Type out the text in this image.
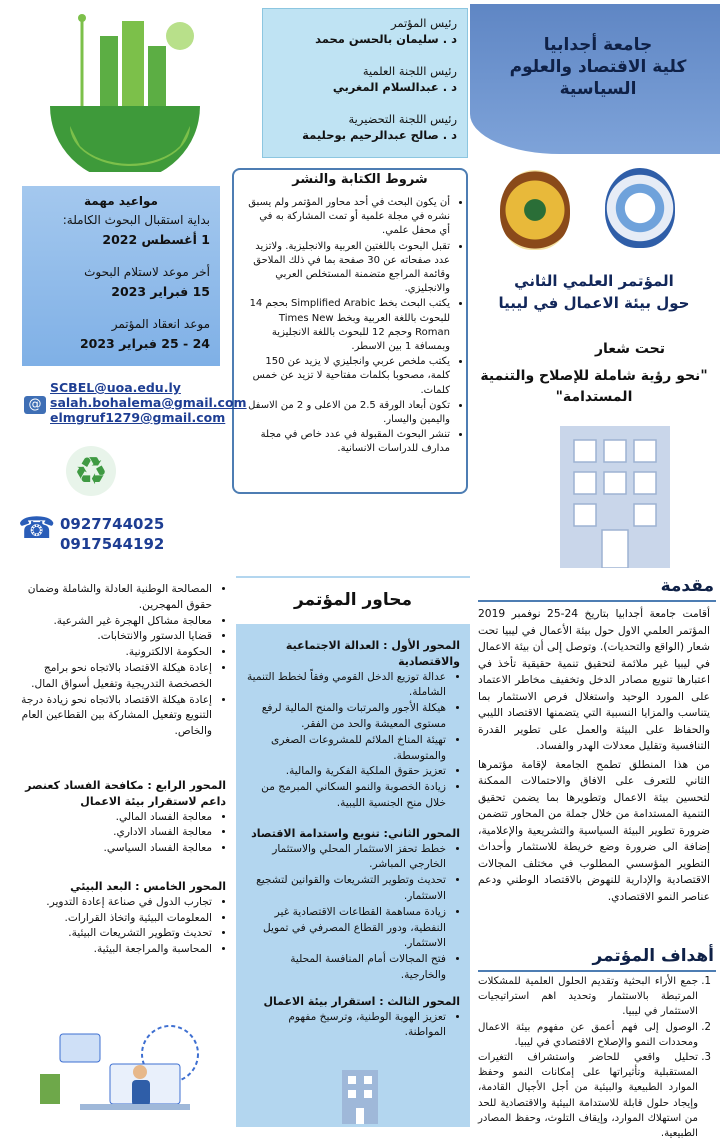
جامعة أجدابيا
كلية الاقتصاد والعلوم السياسية
المؤتمر العلمي الثاني
حول بيئة الاعمال في ليبيا
تحت شعار
"نحو رؤية شاملة للإصلاح والتنمية المستدامة"
رئيس المؤتمر
د . سليمان بالحسن محمد
رئيس اللجنة العلمية
د . عبدالسلام المغربي
رئيس اللجنة التحضيرية
د . صالح عبدالرحيم بوحليمة
شروط الكتابة والنشر
• أن يكون البحث في أحد محاور المؤتمر ولم يسبق نشره في مجلة علمية أو تمت المشاركة به في أي محفل علمي.
• تقبل البحوث باللغتين العربية والانجليزية. ولاتزيد عدد صفحاته عن 30 صفحة بما في ذلك الملاحق وقائمة المراجع متضمنة المستخلص العربي والانجليزي.
• يكتب البحث بخط Simplified Arabic بحجم 14 للبحوث باللغة العربية وبخط Times New Roman وحجم 12 للبحوث باللغة الانجليزية وبمسافة 1 بين الاسطر.
• يكتب ملخص عربي وانجليزي لا يزيد عن 150 كلمة، مصحوبا بكلمات مفتاحية لا تزيد عن خمس كلمات.
• تكون أبعاد الورقة 2.5 من الاعلى و 2 من الاسفل واليمين واليسار.
• تنشر البحوث المقبولة في عدد خاص في مجلة مدارف للدراسات الانسانية.
مواعيد مهمة
بداية استقبال البحوث الكاملة:
1 أغسطس 2022
أخر موعد لاستلام البحوث
15 فبراير 2023
موعد انعقاد المؤتمر
24 - 25 فبراير 2023
@
SCBEL@uoa.edu.ly
salah.bohalema@gmail.com
elmgruf1279@gmail.com
♻
☎ 0927744025
0917544192
مقدمة

أقامت جامعة أجدابيا بتاريخ 24-25 نوفمبر 2019 المؤتمر العلمي الاول حول بيئة الأعمال في ليبيا تحت شعار (الواقع والتحديات). وتوصل إلى أن بيئة الاعمال في ليبيا غير ملائمة لتحقيق تنمية حقيقية تأخذ في اعتبارها تنويع مصادر الدخل وتخفيف مخاطر الاعتماد على المورد الوحيد واستغلال فرص الاستثمار بما يتناسب والمزايا النسبية التي يتضمنها الاقتصاد الليبي والحفاظ على البيئة والعمل على تطوير القدرة التنافسية وتقليل معدلات الهدر والفساد.

من هذا المنطلق تطمح الجامعة لإقامة مؤتمرها الثاني للتعرف على الافاق والاحتمالات الممكنة لتحسين بيئة الاعمال وتطويرها بما يضمن تحقيق التنمية المستدامة من خلال جملة من المحاور تتضمن ضرورة تطوير البيئة السياسية والتشريعية والإعلامية، إضافة الى ضرورة وضع خريطة للاستثمار وأحداث التطوير المؤسسي المطلوب في مختلف المجالات الاقتصادية والإدارية للنهوض بالاقتصاد الوطني ودعم عناصر النمو الاقتصادي.

أهداف المؤتمر
1. جمع الأراء البحثية وتقديم الحلول العلمية للمشكلات المرتبطة بالاستثمار وتحديد اهم استراتيجيات الاستثمار في ليبيا.
2. الوصول إلى فهم أعمق عن مفهوم بيئة الاعمال ومحددات النمو والإصلاح الاقتصادي في ليبيا.
3. تحليل واقعي للحاضر واستشراف التغيرات المستقبلية وتأثيراتها على إمكانات النمو وحفظ الموارد الطبيعية والبيئية من أجل الأجيال القادمة، وإيجاد حلول قابلة للاستدامة البيئية والاقتصادية للحد من استهلاك الموارد، وإيقاف التلوث، وحفظ المصادر الطبيعية.
محاور المؤتمر
المحور الأول : العدالة الاجتماعية والاقتصادية
• عدالة توزيع الدخل القومي وفقاً لخطط التنمية الشاملة.
• هيكلة الأجور والمرتبات والمنح المالية لرفع مستوى المعيشة والحد من الفقر.
• تهيئة المناخ الملائم للمشروعات الصغرى والمتوسطة.
• تعزيز حقوق الملكية الفكرية والمالية.
• زيادة الخصوبة والنمو السكاني المبرمج من خلال منح الجنسية الليبية.
المحور الثاني: تنويع واستدامة الاقتصاد
• خطط تحفز الاستثمار المحلي والاستثمار الخارجي المباشر.
• تحديث وتطوير التشريعات والقوانين لتشجيع الاستثمار.
• زيادة مساهمة القطاعات الاقتصادية غير النفطية، ودور القطاع المصرفي في تمويل الاستثمار.
• فتح المجالات أمام المنافسة المحلية والخارجية.
المحور الثالث : استقرار بيئة الاعمال
• تعزيز الهوية الوطنية، وترسيخ مفهوم المواطنة.
• المصالحة الوطنية العادلة والشاملة وضمان حقوق المهجرين.
• معالجة مشاكل الهجرة غير الشرعية.
• قضايا الدستور والانتخابات.
• الحكومة الالكترونية.
• إعادة هيكلة الاقتصاد بالاتجاه نحو برامج الخصخصة التدريجية وتفعيل أسواق المال.
• إعادة هيكلة الاقتصاد بالاتجاه نحو زيادة درجة التنويع وتفعيل المشاركة بين القطاعين العام والخاص.
المحور الرابع : مكافحة الفساد كعنصر داعم لاستقرار بيئة الاعمال
• معالجة الفساد المالي.
• معالجة الفساد الاداري.
• معالجة الفساد السياسي.
المحور الخامس : البعد البيئي
• تجارب الدول في صناعة إعادة التدوير.
• المعلومات البيئية واتخاذ القرارات.
• تحديث وتطوير التشريعات البيئية.
• المحاسبة والمراجعة البيئية.
